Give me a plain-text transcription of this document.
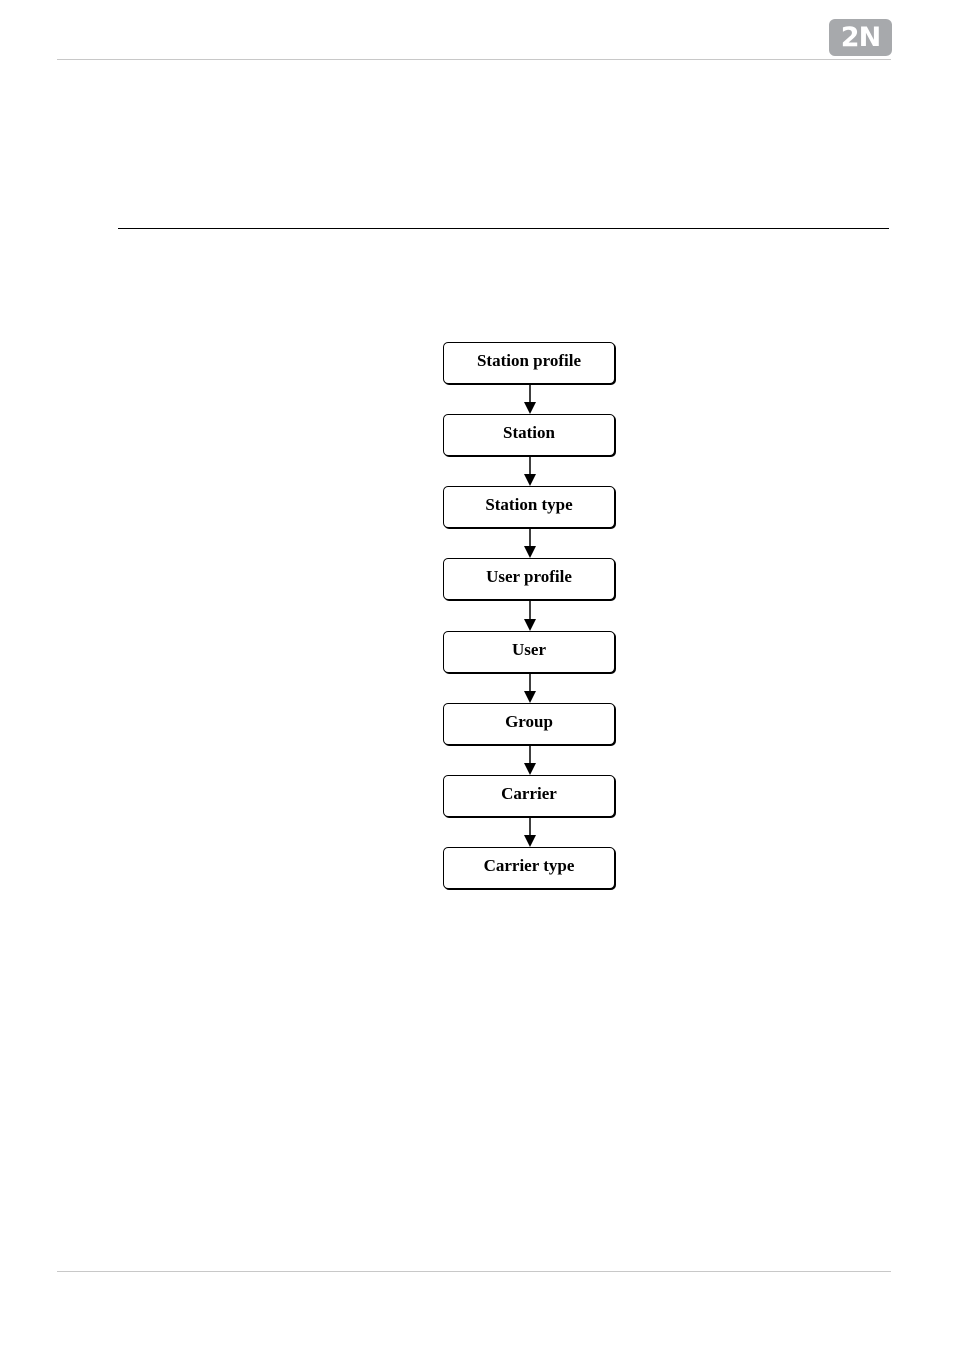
2N
Station profile
Station
Station type
User profile
User
Group
Carrier
Carrier type
